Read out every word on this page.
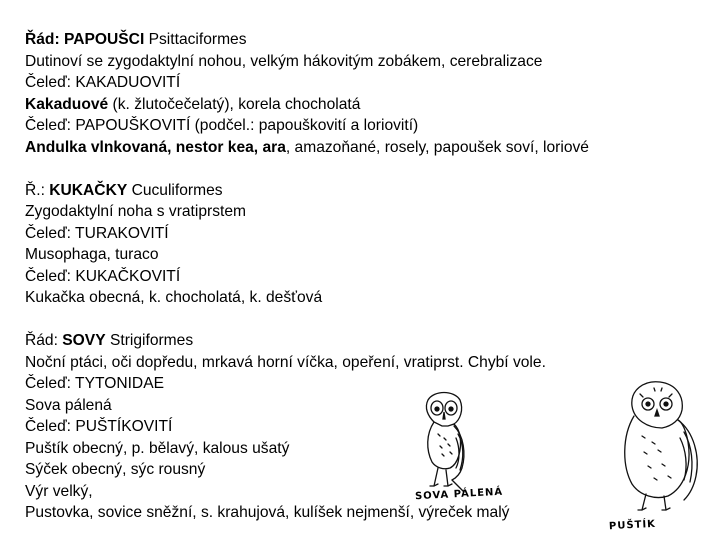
Řád: PAPOUŠCI Psittaciformes
Dutinoví se zygodaktylní nohou, velkým hákovitým zobákem, cerebralizace
Čeleď: KAKADUOVITÍ
Kakaduové (k. žlutočečelatý), korela chocholatá
Čeleď: PAPOUŠKOVITÍ (podčel.: papouškovití a loriovití)
Andulka vlnkovaná, nestor kea, ara, amazoňané, rosely, papoušek soví, loriové
Ř.: KUKAČKY Cuculiformes
Zygodaktylní noha s vratiprstem
Čeleď: TURAKOVITÍ
Musophaga, turaco
Čeleď: KUKAČKOVITÍ
Kukačka obecná, k. chocholatá, k. dešťová
Řád: SOVY Strigiformes
Noční ptáci, oči dopředu, mrkavá horní víčka, opeření, vratiprst. Chybí vole.
Čeleď: TYTONIDAE
Sova pálená
Čeleď: PUŠTÍKOVITÍ
Puštík obecný, p. bělavý, kalous ušatý
Sýček obecný, sýc rousný
Výr velký,
Pustovka, sovice sněžní, s. krahujová, kulíšek nejmenší, výreček malý
SOVA PÁLENÁ
PUŠTÍK
